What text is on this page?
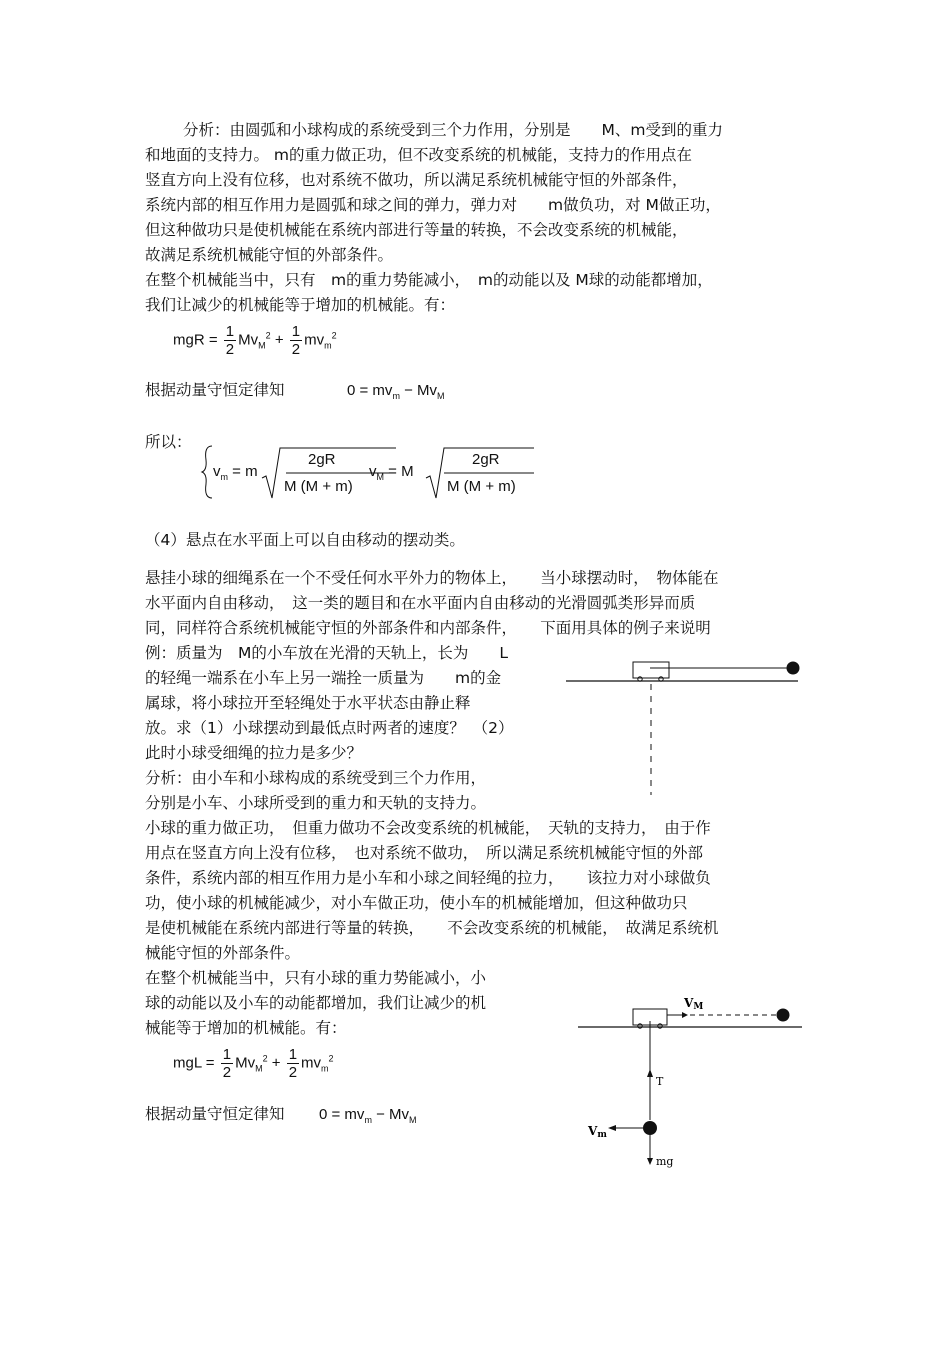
分析：由圆弧和小球构成的系统受到三个力作用，分别是　　M、m受到的重力
和地面的支持力。 m的重力做正功，但不改变系统的机械能，支持力的作用点在
竖直方向上没有位移，也对系统不做功，所以满足系统机械能守恒的外部条件，
系统内部的相互作用力是圆弧和球之间的弹力，弹力对　　m做负功，对 M做正功，
但这种做功只是使机械能在系统内部进行等量的转换，不会改变系统的机械能，
故满足系统机械能守恒的外部条件。
在整个机械能当中，只有　m的重力势能减小，　m的动能以及 M球的动能都增加，
我们让减少的机械能等于增加的机械能。有：
mgR = $\frac{1}{2} Mv_M^2 + \frac{1}{2} mv_m^2$
根据动量守恒定律知	$0 = mv_m - Mv_M$
所以：
$v_m = m$
2gR
M (M + m)
$v_M = M$
2gR
M (M + m)
（4）悬点在水平面上可以自由移动的摆动类。
悬挂小球的细绳系在一个不受任何水平外力的物体上，　　当小球摆动时，　物体能在
水平面内自由移动，　这一类的题目和在水平面内自由移动的光滑圆弧类形异而质
同，同样符合系统机械能守恒的外部条件和内部条件，　　下面用具体的例子来说明
例：质量为　M的小车放在光滑的天轨上，长为　　L
的轻绳一端系在小车上另一端拴一质量为　　m的金
属球，将小球拉开至轻绳处于水平状态由静止释
放。求（1）小球摆动到最低点时两者的速度？　（2）
此时小球受细绳的拉力是多少？
分析：由小车和小球构成的系统受到三个力作用，
分别是小车、小球所受到的重力和天轨的支持力。
小球的重力做正功，　但重力做功不会改变系统的机械能，　天轨的支持力，　由于作
用点在竖直方向上没有位移，　也对系统不做功，　所以满足系统机械能守恒的外部
条件，系统内部的相互作用力是小车和小球之间轻绳的拉力，　　该拉力对小球做负
功，使小球的机械能减少，对小车做正功，使小车的机械能增加，但这种做功只
是使机械能在系统内部进行等量的转换，　　不会改变系统的机械能，　故满足系统机
械能守恒的外部条件。
在整个机械能当中，只有小球的重力势能减小，小
球的动能以及小车的动能都增加，我们让减少的机
械能等于增加的机械能。有：
mgL = $\frac{1}{2} Mv_M^2 + \frac{1}{2} mv_m^2$
根据动量守恒定律知 $0 = mv_m - Mv_M$
VM
T
Vm
mg
